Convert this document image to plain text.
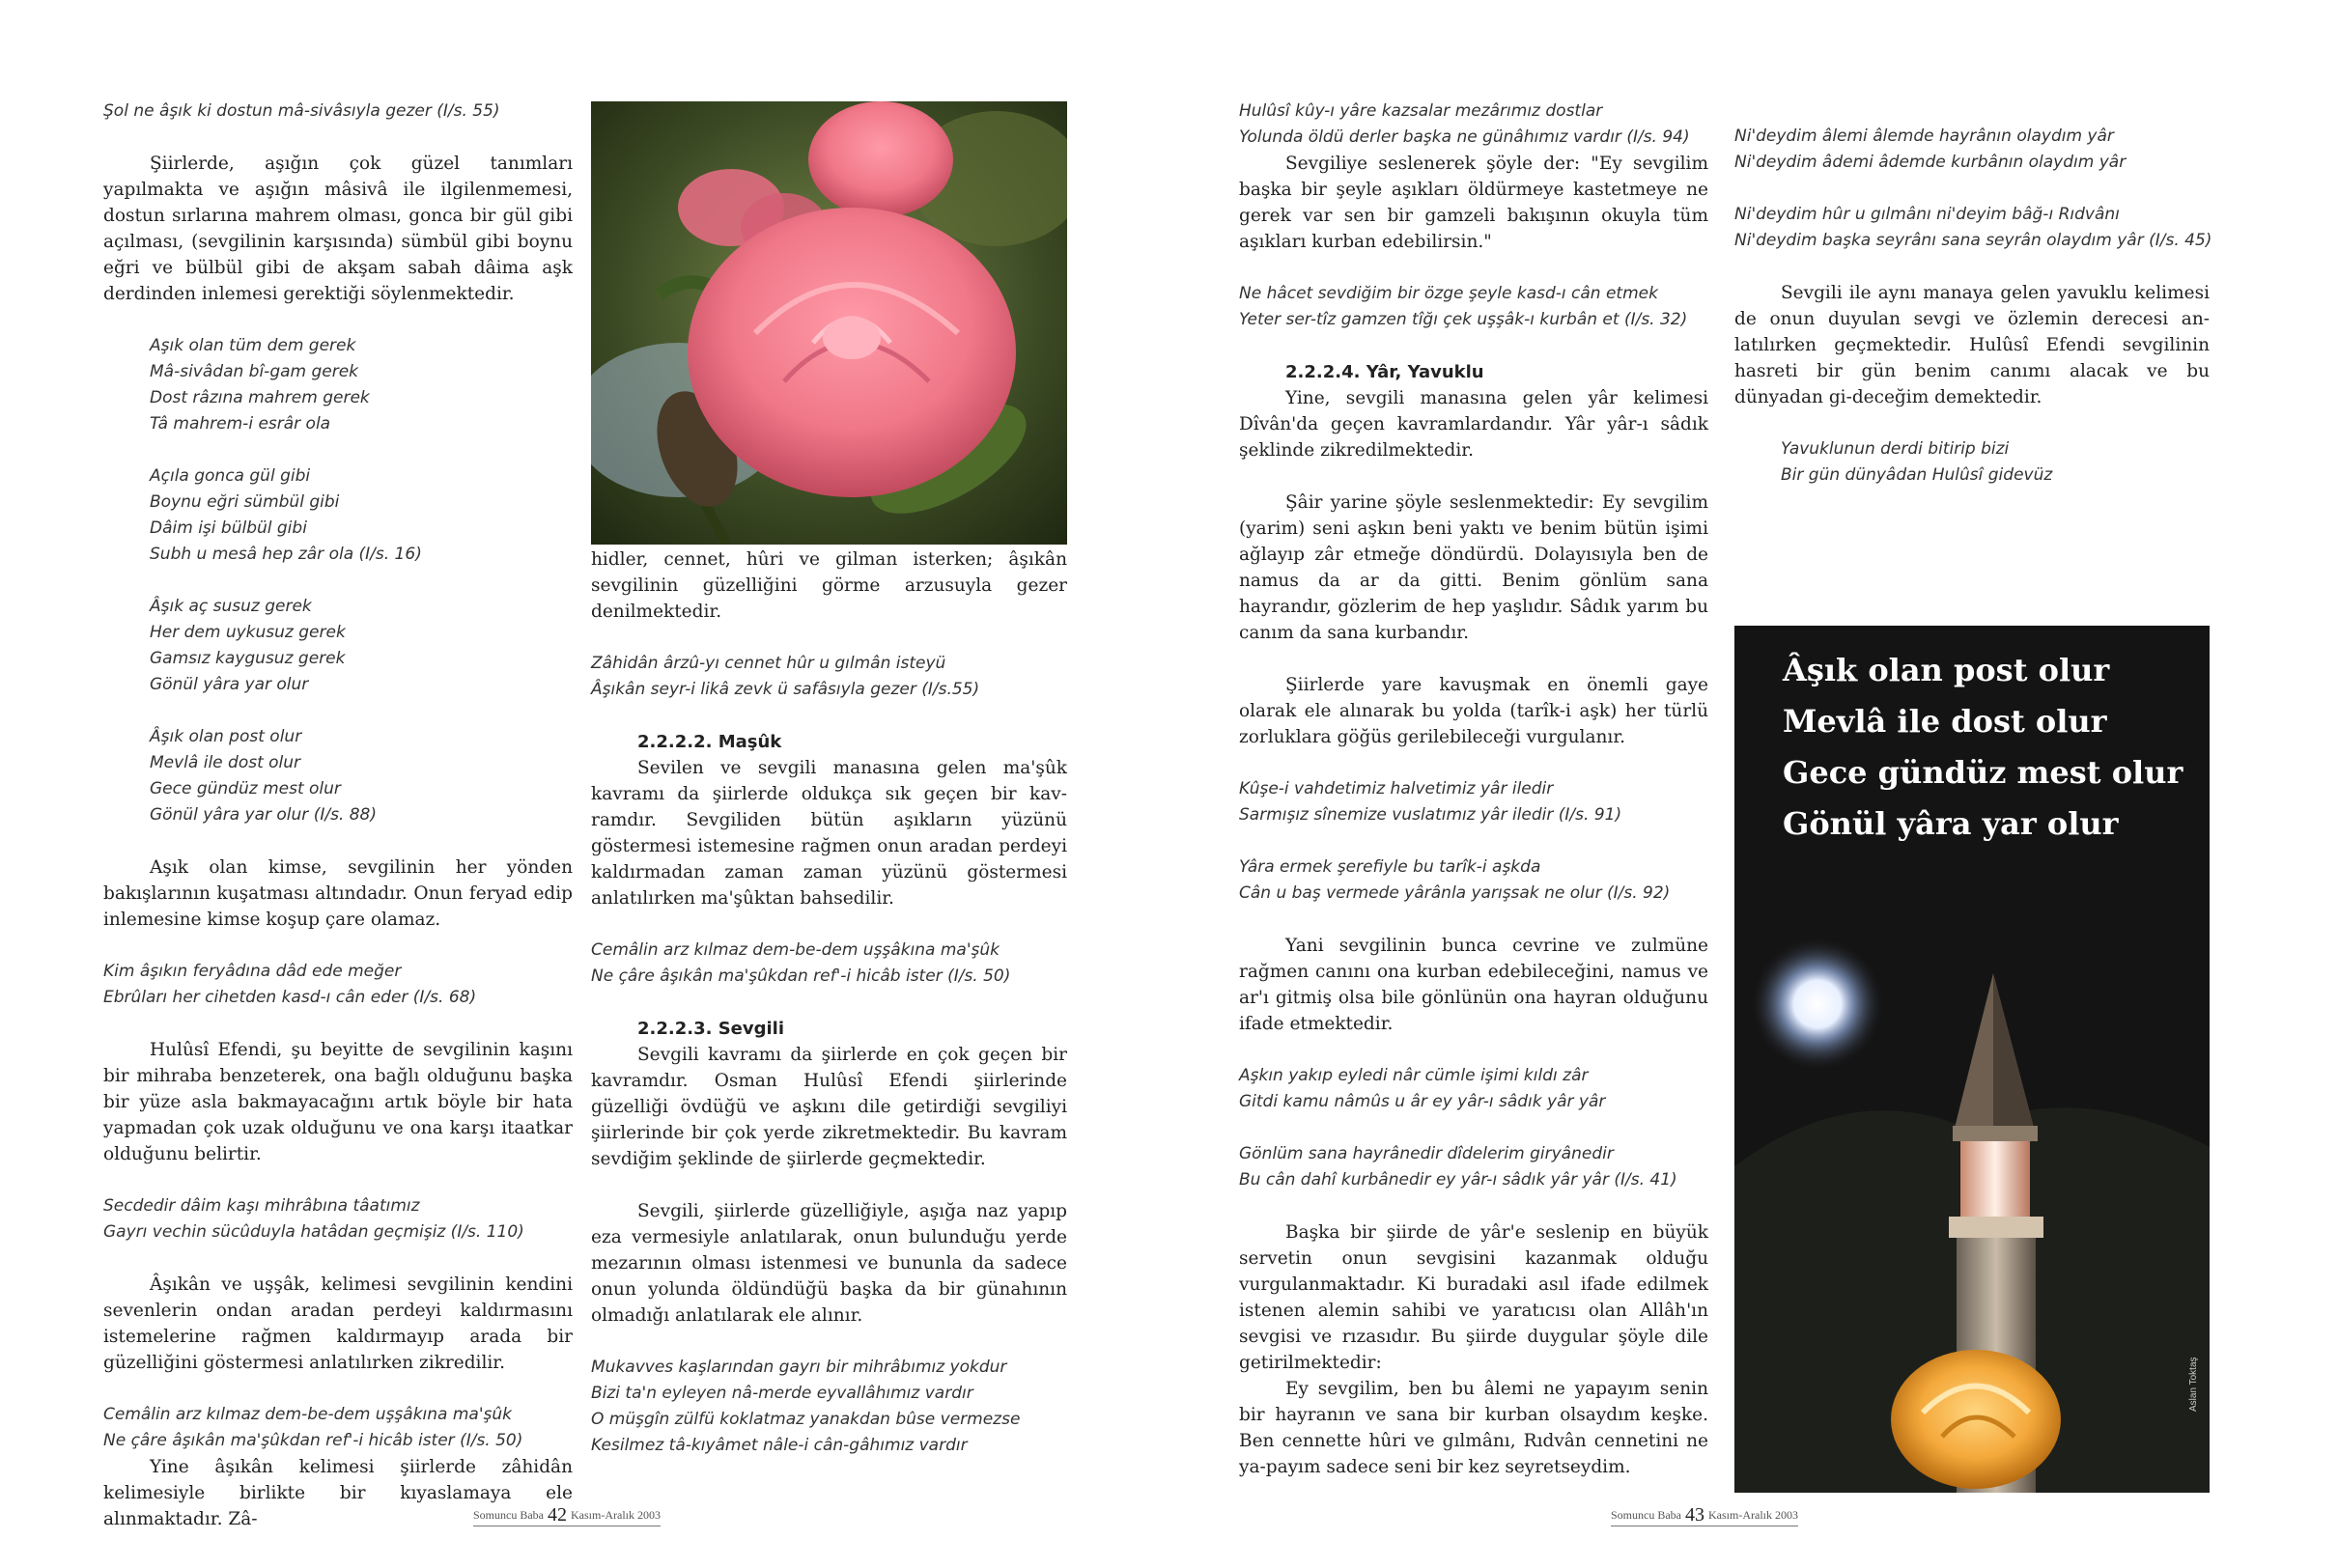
Şol ne âşık ki dostun mâ-sivâsıyla gezer (I/s. 55)

Şiirlerde, aşığın çok güzel tanımları yapılmakta ve aşığın mâsivâ ile ilgilenmemesi, dostun sırlarına mahrem olması, gonca bir gül gibi açılması, (sevgilinin karşısında) sümbül gibi boynu eğri ve bülbül gibi de akşam sabah dâima aşk derdinden inlemesi gerektiği söylenmektedir.

Aşık olan tüm dem gerek
Mâ-sivâdan bî-gam gerek
Dost râzına mahrem gerek
Tâ mahrem-i esrâr ola
Açıla gonca gül gibi
Boynu eğri sümbül gibi
Dâim işi bülbül gibi
Subh u mesâ hep zâr ola (I/s. 16)
Âşık aç susuz gerek
Her dem uykusuz gerek
Gamsız kaygusuz gerek
Gönül yâra yar olur
Âşık olan post olur
Mevlâ ile dost olur
Gece gündüz mest olur
Gönül yâra yar olur (I/s. 88)

Aşık olan kimse, sevgilinin her yönden bakışlarının kuşatması altındadır. Onun feryad edip inlemesine kimse koşup çare olamaz.

Kim âşıkın feryâdına dâd ede meğer
Ebrûları her cihetden kasd-ı cân eder (I/s. 68)

Hulûsî Efendi, şu beyitte de sevgilinin kaşını bir mihraba benzeterek, ona bağlı olduğunu başka bir yüze asla bakmayacağını artık böyle bir hata yapmadan çok uzak olduğunu ve ona karşı itaatkar olduğunu belirtir.

Secdedir dâim kaşı mihrâbına tâatımız
Gayrı vechin sücûduyla hatâdan geçmişiz (I/s. 110)

Âşıkân ve uşşâk, kelimesi sevgilinin kendini sevenlerin ondan aradan perdeyi kaldırmasını istemelerine rağmen kaldırmayıp arada bir güzelliğini göstermesi anlatılırken zikredilir.

Cemâlin arz kılmaz dem-be-dem uşşâkına ma'şûk
Ne çâre âşıkân ma'şûkdan ref'-i hicâb ister (I/s. 50)

Yine âşıkân kelimesi şiirlerde zâhidân kelimesiyle birlikte bir kıyaslamaya ele alınmaktadır. Zâ-

hidler, cennet, hûri ve gilman isterken; âşıkân sevgilinin güzelliğini görme arzusuyla gezer denilmektedir.

Zâhidân ârzû-yı cennet hûr u gılmân isteyü
Âşıkân seyr-i likâ zevk ü safâsıyla gezer (I/s.55)
2.2.2.2. Maşûk

Sevilen ve sevgili manasına gelen ma'şûk kavramı da şiirlerde oldukça sık geçen bir kav-ramdır. Sevgiliden bütün aşıkların yüzünü göstermesi istemesine rağmen onun aradan perdeyi kaldırmadan zaman zaman yüzünü göstermesi anlatılırken ma'şûktan bahsedilir.

Cemâlin arz kılmaz dem-be-dem uşşâkına ma'şûk
Ne çâre âşıkân ma'şûkdan ref'-i hicâb ister (I/s. 50)
2.2.2.3. Sevgili

Sevgili kavramı da şiirlerde en çok geçen bir kavramdır. Osman Hulûsî Efendi şiirlerinde güzelliği övdüğü ve aşkını dile getirdiği sevgiliyi şiirlerinde bir çok yerde zikretmektedir. Bu kavram sevdiğim şeklinde de şiirlerde geçmektedir.

Sevgili, şiirlerde güzelliğiyle, aşığa naz yapıp eza vermesiyle anlatılarak, onun bulunduğu yerde mezarının olması istenmesi ve bununla da sadece onun yolunda öldündüğü başka da bir günahının olmadığı anlatılarak ele alınır.

Mukavves kaşlarından gayrı bir mihrâbımız yokdur
Bizi ta'n eyleyen nâ-merde eyvallâhımız vardır
O müşgîn zülfü koklatmaz yanakdan bûse vermezse
Kesilmez tâ-kıyâmet nâle-i cân-gâhımız vardır
Somuncu Baba 42 Kasım-Aralık 2003
Hulûsî kûy-ı yâre kazsalar mezârımız dostlar
Yolunda öldü derler başka ne günâhımız vardır (I/s. 94)

Sevgiliye seslenerek şöyle der: "Ey sevgilim başka bir şeyle aşıkları öldürmeye kastetmeye ne gerek var sen bir gamzeli bakışının okuyla tüm aşıkları kurban edebilirsin."

Ne hâcet sevdiğim bir özge şeyle kasd-ı cân etmek
Yeter ser-tîz gamzen tîğı çek uşşâk-ı kurbân et (I/s. 32)
2.2.2.4. Yâr, Yavuklu

Yine, sevgili manasına gelen yâr kelimesi Dîvân'da geçen kavramlardandır. Yâr yâr-ı sâdık şeklinde zikredilmektedir.

Şâir yarine şöyle seslenmektedir: Ey sevgilim (yarim) seni aşkın beni yaktı ve benim bütün işimi ağlayıp zâr etmeğe döndürdü. Dolayısıyla ben de namus da ar da gitti. Benim gönlüm sana hayrandır, gözlerim de hep yaşlıdır. Sâdık yarım bu canım da sana kurbandır.

Şiirlerde yare kavuşmak en önemli gaye olarak ele alınarak bu yolda (tarîk-i aşk) her türlü zorluklara göğüs gerilebileceği vurgulanır.

Kûşe-i vahdetimiz halvetimiz yâr iledir
Sarmışız sînemize vuslatımız yâr iledir (I/s. 91)
Yâra ermek şerefiyle bu tarîk-i aşkda
Cân u baş vermede yârânla yarışsak ne olur (I/s. 92)

Yani sevgilinin bunca cevrine ve zulmüne rağmen canını ona kurban edebileceğini, namus ve ar'ı gitmiş olsa bile gönlünün ona hayran olduğunu ifade etmektedir.

Aşkın yakıp eyledi nâr cümle işimi kıldı zâr
Gitdi kamu nâmûs u âr ey yâr-ı sâdık yâr yâr
Gönlüm sana hayrânedir dîdelerim giryânedir
Bu cân dahî kurbânedir ey yâr-ı sâdık yâr yâr (I/s. 41)

Başka bir şiirde de yâr'e seslenip en büyük servetin onun sevgisini kazanmak olduğu vurgulanmaktadır. Ki buradaki asıl ifade edilmek istenen alemin sahibi ve yaratıcısı olan Allâh'ın sevgisi ve rızasıdır. Bu şiirde duygular şöyle dile getirilmektedir:

Ey sevgilim, ben bu âlemi ne yapayım senin bir hayranın ve sana bir kurban olsaydım keşke. Ben cennette hûri ve gılmânı, Rıdvân cennetini ne ya-payım sadece seni bir kez seyretseydim.

Ni'deydim âlemi âlemde hayrânın olaydım yâr
Ni'deydim âdemi âdemde kurbânın olaydım yâr
Ni'deydim hûr u gılmânı ni'deyim bâğ-ı Rıdvânı
Ni'deydim başka seyrânı sana seyrân olaydım yâr (I/s. 45)

Sevgili ile aynı manaya gelen yavuklu kelimesi de onun duyulan sevgi ve özlemin derecesi an-latılırken geçmektedir. Hulûsî Efendi sevgilinin hasreti bir gün benim canımı alacak ve bu dünyadan gi-deceğim demektedir.

Yavuklunun derdi bitirip bizi
Bir gün dünyâdan Hulûsî gidevüz
Âşık olan post olur
Mevlâ ile dost olur
Gece gündüz mest olur
Gönül yâra yar olur
Aslan Toktaş
Somuncu Baba 43 Kasım-Aralık 2003
